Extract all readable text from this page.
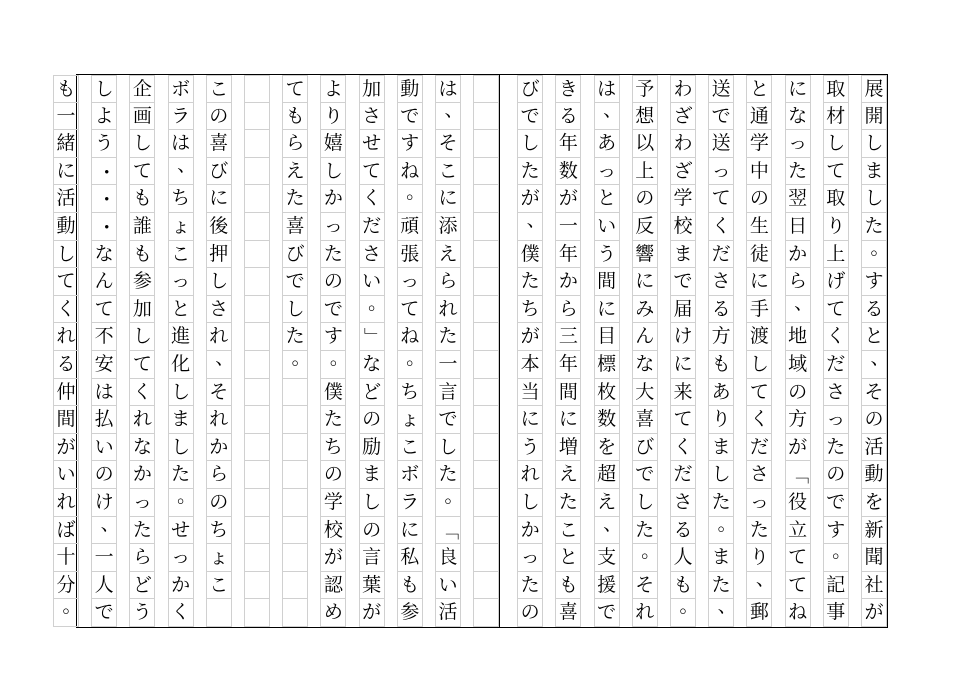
展
開
し
ま
し
た
。
す
る
と
、
そ
の
活
動
を
新
聞
社
が
取
材
し
て
取
り
上
げ
て
く
だ
さ
っ
た
の
で
す
。
記
事
に
な
っ
た
翌
日
か
ら
、
地
域
の
方
が
「
役
立
て
て
ね
と
通
学
中
の
生
徒
に
手
渡
し
て
く
だ
さ
っ
た
り
、
郵
送
で
送
っ
て
く
だ
さ
る
方
も
あ
り
ま
し
た
。
ま
た
、
わ
ざ
わ
ざ
学
校
ま
で
届
け
に
来
て
く
だ
さ
る
人
も
。
予
想
以
上
の
反
響
に
み
ん
な
大
喜
び
で
し
た
。
そ
れ
は
、
あ
っ
と
い
う
間
に
目
標
枚
数
を
超
え
、
支
援
で
き
る
年
数
が
一
年
か
ら
三
年
間
に
増
え
た
こ
と
も
喜
び
で
し
た
が
、
僕
た
ち
が
本
当
に
う
れ
し
か
っ
た
の
は
、
そ
こ
に
添
え
ら
れ
た
一
言
で
し
た
。
「
良
い
活
動
で
す
ね
。
頑
張
っ
て
ね
。
ち
ょ
こ
ボ
ラ
に
私
も
参
加
さ
せ
て
く
だ
さ
い
。
」
な
ど
の
励
ま
し
の
言
葉
が
よ
り
嬉
し
か
っ
た
の
で
す
。
僕
た
ち
の
学
校
が
認
め
て
も
ら
え
た
喜
び
で
し
た
。
こ
の
喜
び
に
後
押
し
さ
れ
、
そ
れ
か
ら
の
ち
ょ
こ
ボ
ラ
は
、
ち
ょ
こ
っ
と
進
化
し
ま
し
た
。
せ
っ
か
く
企
画
し
て
も
誰
も
参
加
し
て
く
れ
な
か
っ
た
ら
ど
う
し
よ
う
・
・
・
な
ん
て
不
安
は
払
い
の
け
、
一
人
で
も
一
緒
に
活
動
し
て
く
れ
る
仲
間
が
い
れ
ば
十
分
。
